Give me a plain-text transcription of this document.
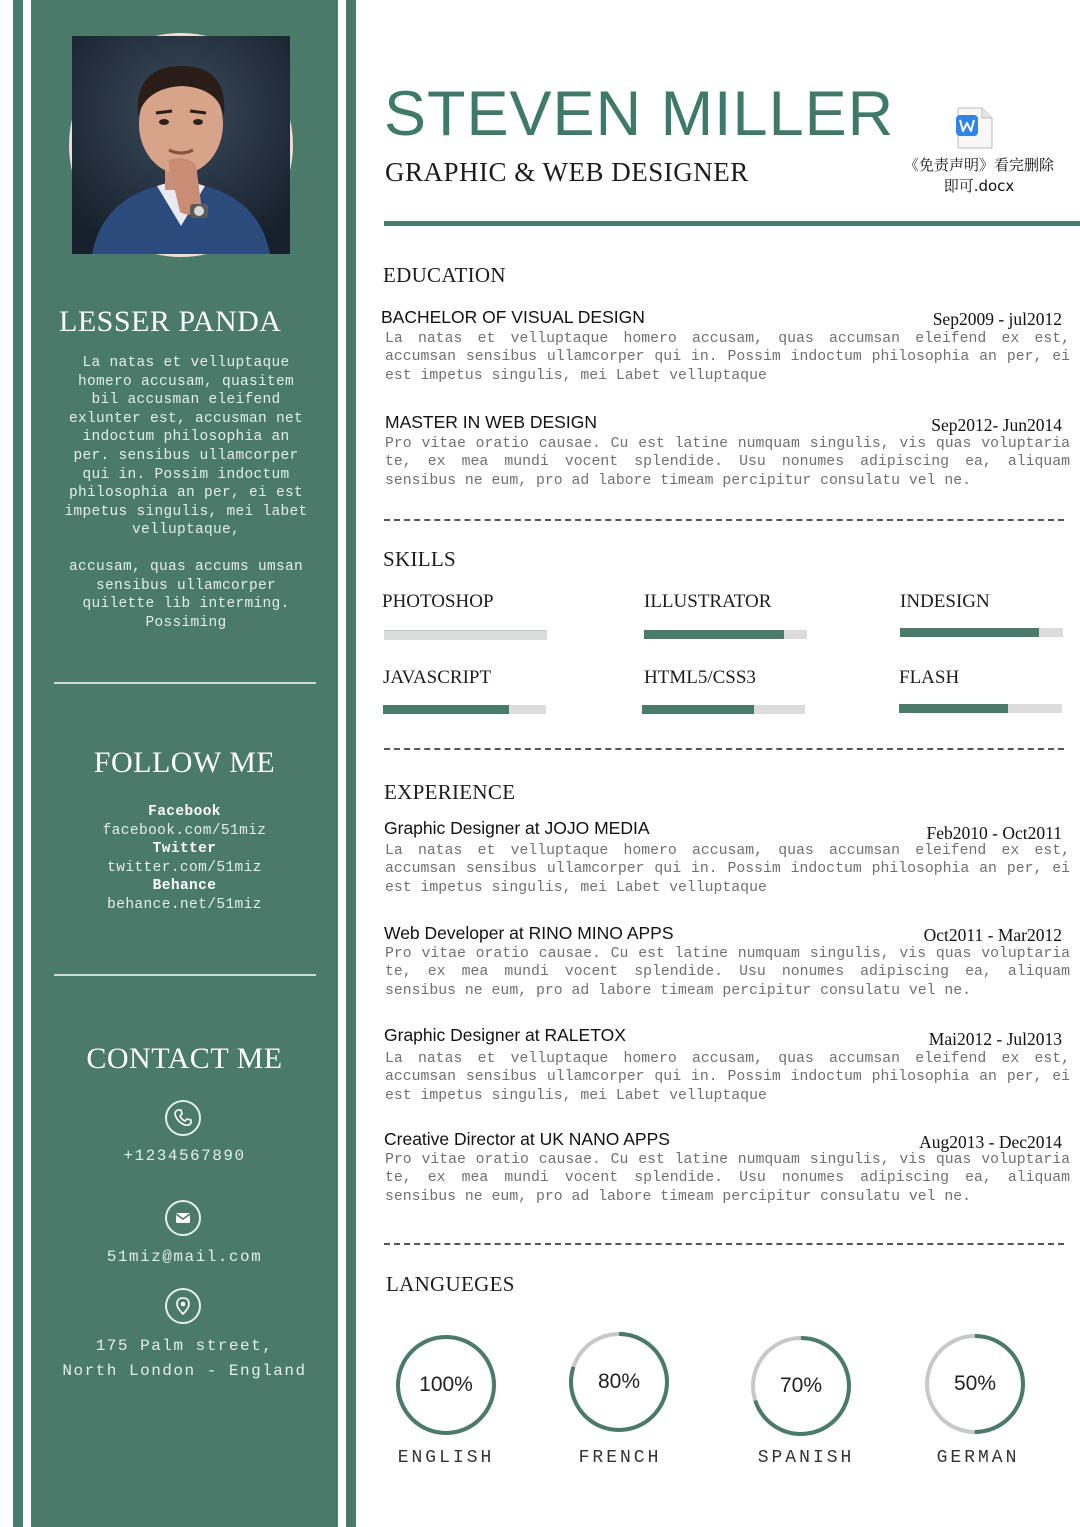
LESSER PANDA
La natas et velluptaque homero accusam, quasitem bil accusman eleifend exlunter est, accusman net indoctum philosophia an per. sensibus ullamcorper qui in. Possim indoctum philosophia an per, ei est impetus singulis, mei labet velluptaque,
accusam, quas accums umsan sensibus ullamcorper quilette lib interming. Possiming
FOLLOW ME
Facebook
facebook.com/51miz
Twitter
twitter.com/51miz
Behance
behance.net/51miz
CONTACT ME
+1234567890
51miz@mail.com
175 Palm street,
North London - England
STEVEN MILLER
GRAPHIC & WEB DESIGNER	《免责声明》看完删除即可.docx
EDUCATION
BACHELOR OF VISUAL DESIGN	Sep2009 - jul2012
La natas et velluptaque homero accusam, quas accumsan eleifend ex est, accumsan sensibus ullamcorper qui in. Possim indoctum philosophia an per, ei est impetus singulis, mei Labet velluptaque
MASTER IN WEB DESIGN	Sep2012- Jun2014
Pro vitae oratio causae. Cu est latine numquam singulis, vis quas voluptaria te, ex mea mundi vocent splendide. Usu nonumes adipiscing ea, aliquam sensibus ne eum, pro ad labore timeam percipitur consulatu vel ne.
SKILLS
PHOTOSHOP	ILLUSTRATOR	INDESIGN
JAVASCRIPT	HTML5/CSS3	FLASH
EXPERIENCE
Graphic Designer at JOJO MEDIA	Feb2010 - Oct2011
La natas et velluptaque homero accusam, quas accumsan eleifend ex est, accumsan sensibus ullamcorper qui in. Possim indoctum philosophia an per, ei est impetus singulis, mei Labet velluptaque
Web Developer at RINO MINO APPS	Oct2011 - Mar2012
Pro vitae oratio causae. Cu est latine numquam singulis, vis quas voluptaria te, ex mea mundi vocent splendide. Usu nonumes adipiscing ea, aliquam sensibus ne eum, pro ad labore timeam percipitur consulatu vel ne.
Graphic Designer at RALETOX	Mai2012 - Jul2013
La natas et velluptaque homero accusam, quas accumsan eleifend ex est, accumsan sensibus ullamcorper qui in. Possim indoctum philosophia an per, ei est impetus singulis, mei Labet velluptaque
Creative Director at UK NANO APPS	Aug2013 - Dec2014
Pro vitae oratio causae. Cu est latine numquam singulis, vis quas voluptaria te, ex mea mundi vocent splendide. Usu nonumes adipiscing ea, aliquam sensibus ne eum, pro ad labore timeam percipitur consulatu vel ne.
LANGUEGES
100%
ENGLISH
80%
FRENCH
70%
SPANISH
50%
GERMAN
